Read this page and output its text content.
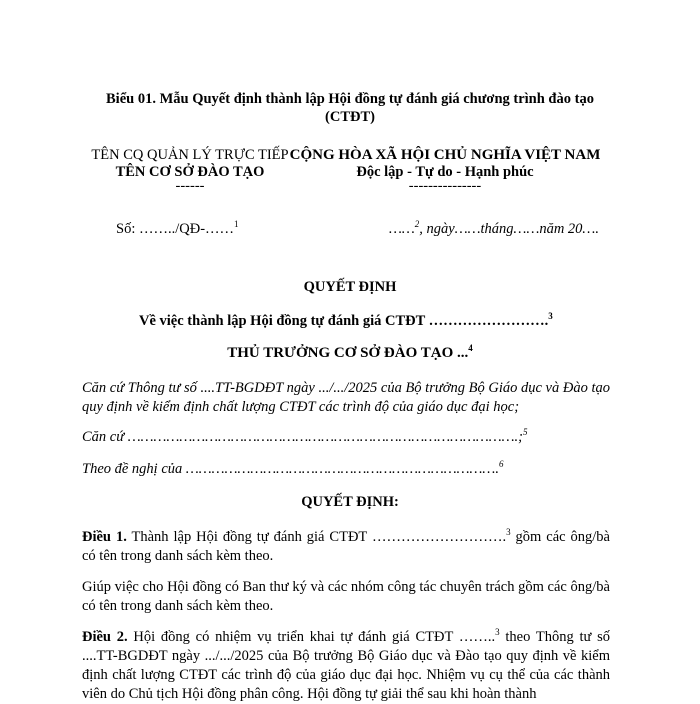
Biểu 01. Mẫu Quyết định thành lập Hội đồng tự đánh giá chương trình đào tạo (CTĐT)
TÊN CQ QUẢN LÝ TRỰC TIẾP
TÊN CƠ SỞ ĐÀO TẠO
------
CỘNG HÒA XÃ HỘI CHỦ NGHĨA VIỆT NAM
Độc lập - Tự do - Hạnh phúc
---------------
Số: ……../QĐ-……$^1$	……$^2$, ngày……tháng……năm 20….
QUYẾT ĐỊNH
Về việc thành lập Hội đồng tự đánh giá CTĐT …………………….$^3$
THỦ TRƯỞNG CƠ SỞ ĐÀO TẠO ...$^4$
Căn cứ Thông tư số ....TT-BGDĐT ngày .../.../2025 của Bộ trưởng Bộ Giáo dục và Đào tạo quy định về kiểm định chất lượng CTĐT các trình độ của giáo dục đại học;
Căn cứ ……………………………………………………………………………….;$^5$
Theo đề nghị của ……………………………………………………………….$^6$
QUYẾT ĐỊNH:
Điều 1. Thành lập Hội đồng tự đánh giá CTĐT ……………………….$^3$ gồm các ông/bà có tên trong danh sách kèm theo.
Giúp việc cho Hội đồng có Ban thư ký và các nhóm công tác chuyên trách gồm các ông/bà có tên trong danh sách kèm theo.
Điều 2. Hội đồng có nhiệm vụ triển khai tự đánh giá CTĐT ……..$^3$ theo Thông tư số ....TT-BGDĐT ngày .../.../2025 của Bộ trưởng Bộ Giáo dục và Đào tạo quy định về kiểm định chất lượng CTĐT các trình độ của giáo dục đại học. Nhiệm vụ cụ thể của các thành viên do Chủ tịch Hội đồng phân công. Hội đồng tự giải thể sau khi hoàn thành
